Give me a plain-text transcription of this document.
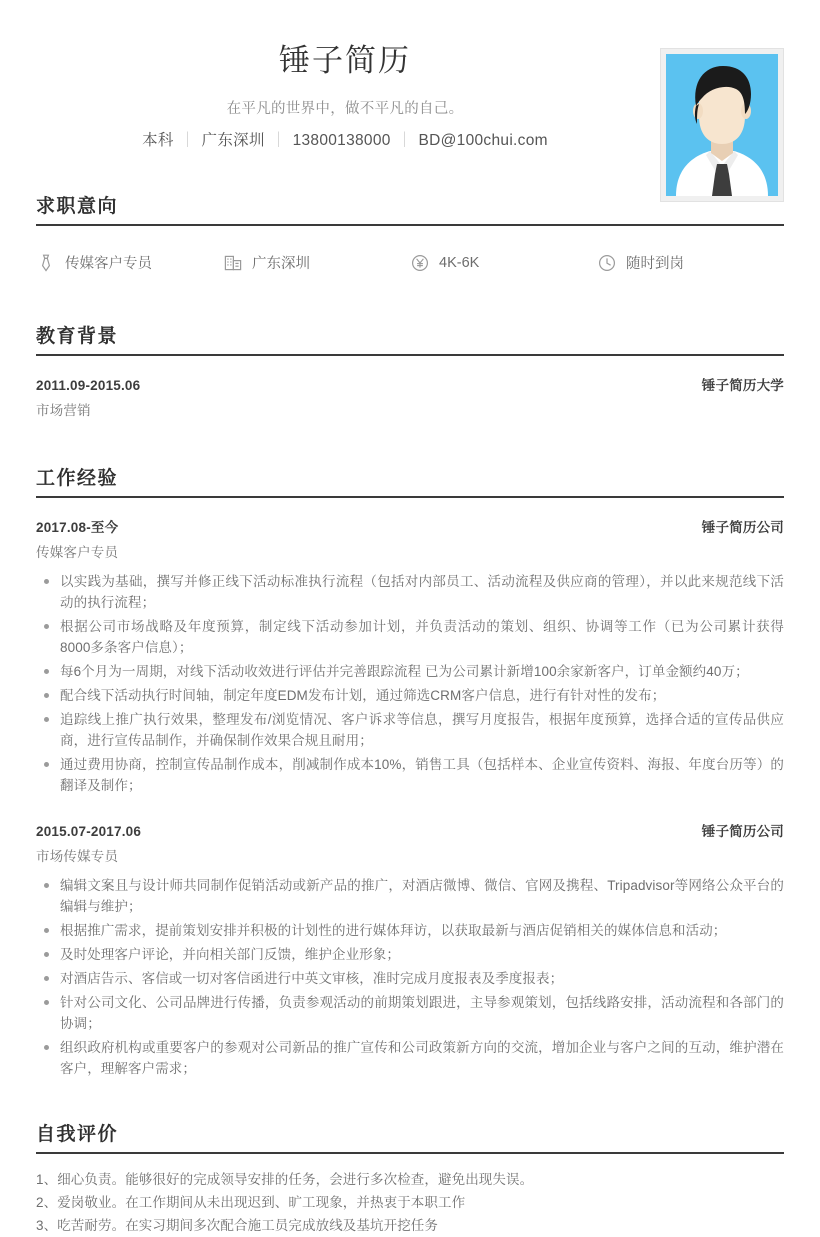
锤子简历
在平凡的世界中，做不平凡的自己。
本科 ｜ 广东深圳 ｜ 13800138000 ｜ BD@100chui.com
求职意向
传媒客户专员	广东深圳	4K-6K	随时到岗
教育背景
2011.09-2015.06	锤子简历大学
市场营销
工作经验
2017.08-至今	锤子简历公司
传媒客户专员
以实践为基础，撰写并修正线下活动标准执行流程（包括对内部员工、活动流程及供应商的管理），并以此来规范线下活动的执行流程；
根据公司市场战略及年度预算，制定线下活动参加计划，并负责活动的策划、组织、协调等工作（已为公司累计获得8000多条客户信息）；
每6个月为一周期，对线下活动收效进行评估并完善跟踪流程 已为公司累计新增100余家新客户，订单金额约40万；
配合线下活动执行时间轴，制定年度EDM发布计划，通过筛选CRM客户信息，进行有针对性的发布；
追踪线上推广执行效果，整理发布/浏览情况、客户诉求等信息，撰写月度报告，根据年度预算，选择合适的宣传品供应商，进行宣传品制作，并确保制作效果合规且耐用；
通过费用协商，控制宣传品制作成本，削减制作成本10%，销售工具（包括样本、企业宣传资料、海报、年度台历等）的翻译及制作；
2015.07-2017.06	锤子简历公司
市场传媒专员
编辑文案且与设计师共同制作促销活动或新产品的推广，对酒店微博、微信、官网及携程、Tripadvisor等网络公众平台的编辑与维护；
根据推广需求，提前策划安排并积极的计划性的进行媒体拜访，以获取最新与酒店促销相关的媒体信息和活动；
及时处理客户评论，并向相关部门反馈，维护企业形象；
对酒店告示、客信或一切对客信函进行中英文审核，准时完成月度报表及季度报表；
针对公司文化、公司品牌进行传播，负责参观活动的前期策划跟进，主导参观策划，包括线路安排，活动流程和各部门的协调；
组织政府机构或重要客户的参观对公司新品的推广宣传和公司政策新方向的交流，增加企业与客户之间的互动，维护潜在客户，理解客户需求；
自我评价
1、细心负责。能够很好的完成领导安排的任务，会进行多次检查，避免出现失误。
2、爱岗敬业。在工作期间从未出现迟到、旷工现象，并热衷于本职工作
3、吃苦耐劳。在实习期间多次配合施工员完成放线及基坑开挖任务
